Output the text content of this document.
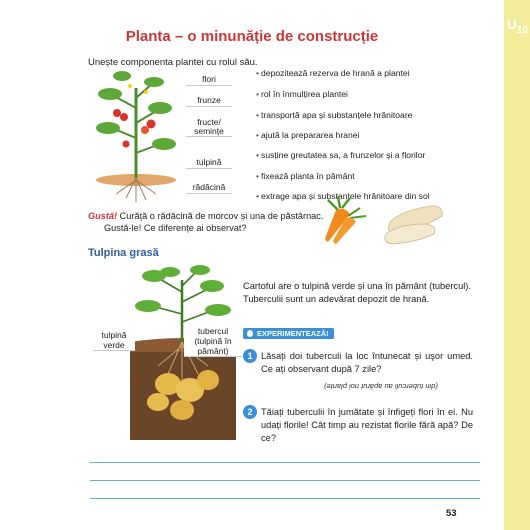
$U_{10}$
Planta – o minunăție de construcție
Unește componenta plantei cu rolul său.
flori
frunze
fructe/
semințe
tulpină
rădăcină
• depozitează rezerva de hrană a plantei
• rol în înmulțirea plantei
• transportă apa și substanțele hrănitoare
• ajută la prepararea hranei
• susține greutatea sa, a frunzelor și a florilor
• fixează planta în pământ
• extrage apa și substanțele hrănitoare din sol
Gustă! Curăță o rădăcină de morcov și una de păstârnac.
Gustă-le! Ce diferențe ai observat?
Tulpina grasă
tulpină
verde
tubercul
(tulpină în
pământ)
Cartoful are o tulpină verde și una în pământ (tubercul). Tuberculii sunt un adevărat depozit de hrană.
EXPERIMENTEAZĂ!
1 Lăsați doi tuberculi la loc întunecat și uşor umed. Ce ați observant după 7 zile?
(din tuberculi au apărut noi plante)
2 Tăiați tuberculii în jumătate și înfigeți flori în ei. Nu udați florile! Cât timp au rezistat florile fără apă? De ce?
53
